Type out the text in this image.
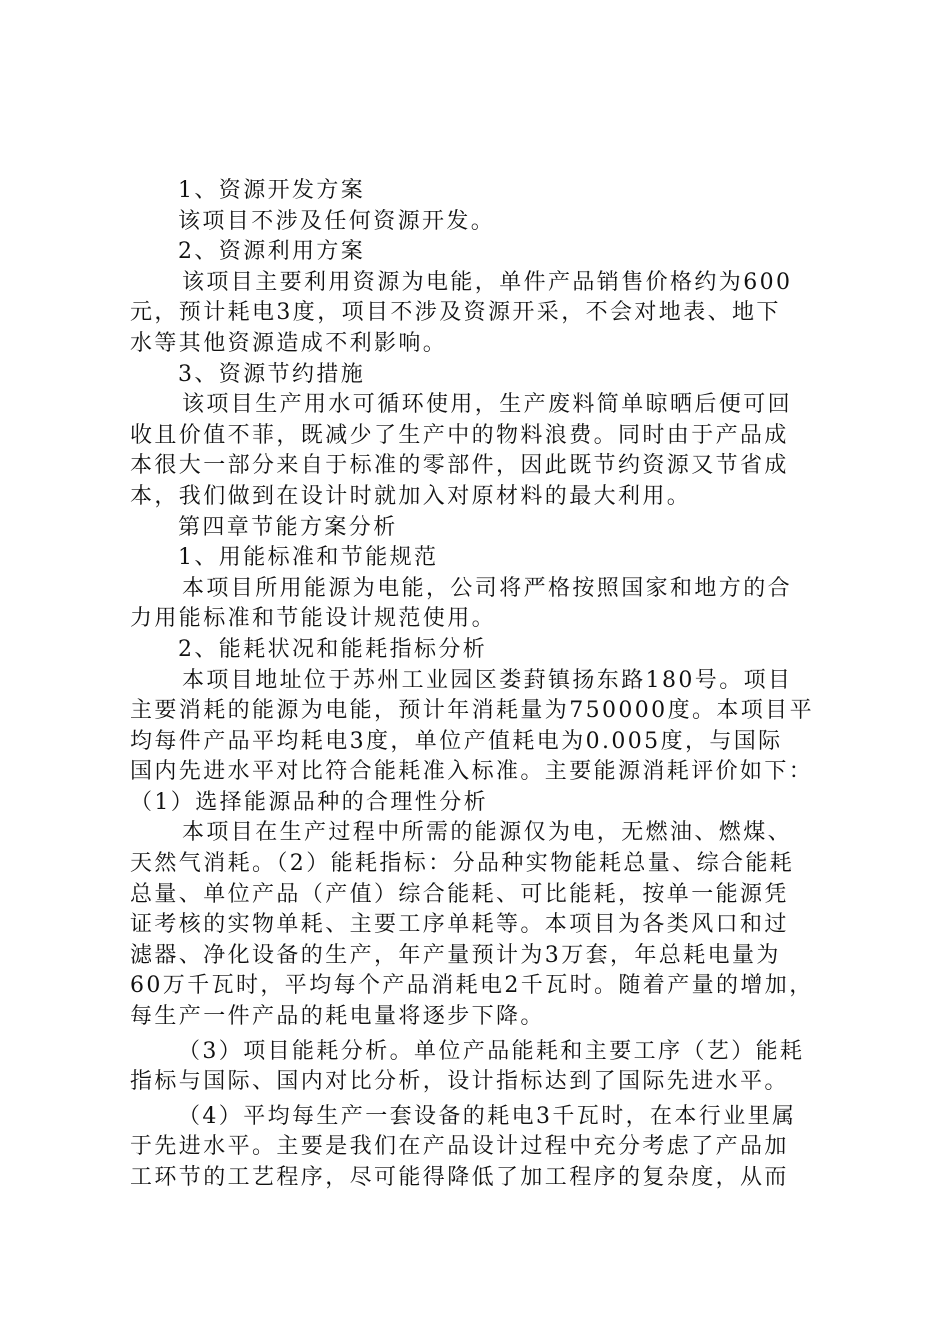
1、资源开发方案
该项目不涉及任何资源开发。
2、资源利用方案
该项目主要利用资源为电能，单件产品销售价格约为600
元，预计耗电3度，项目不涉及资源开采，不会对地表、地下
水等其他资源造成不利影响。
3、资源节约措施
该项目生产用水可循环使用，生产废料简单晾晒后便可回
收且价值不菲，既减少了生产中的物料浪费。同时由于产品成
本很大一部分来自于标准的零部件，因此既节约资源又节省成
本，我们做到在设计时就加入对原材料的最大利用。
第四章节能方案分析
1、用能标准和节能规范
本项目所用能源为电能，公司将严格按照国家和地方的合
力用能标准和节能设计规范使用。
2、能耗状况和能耗指标分析
本项目地址位于苏州工业园区娄葑镇扬东路180号。项目
主要消耗的能源为电能，预计年消耗量为750000度。本项目平
均每件产品平均耗电3度，单位产值耗电为0.005度，与国际
国内先进水平对比符合能耗准入标准。主要能源消耗评价如下：
（1）选择能源品种的合理性分析
本项目在生产过程中所需的能源仅为电，无燃油、燃煤、
天然气消耗。（2）能耗指标：分品种实物能耗总量、综合能耗
总量、单位产品（产值）综合能耗、可比能耗，按单一能源凭
证考核的实物单耗、主要工序单耗等。本项目为各类风口和过
滤器、净化设备的生产，年产量预计为3万套，年总耗电量为
60万千瓦时，平均每个产品消耗电2千瓦时。随着产量的增加，
每生产一件产品的耗电量将逐步下降。
（3）项目能耗分析。单位产品能耗和主要工序（艺）能耗
指标与国际、国内对比分析，设计指标达到了国际先进水平。
（4）平均每生产一套设备的耗电3千瓦时，在本行业里属
于先进水平。主要是我们在产品设计过程中充分考虑了产品加
工环节的工艺程序，尽可能得降低了加工程序的复杂度，从而
